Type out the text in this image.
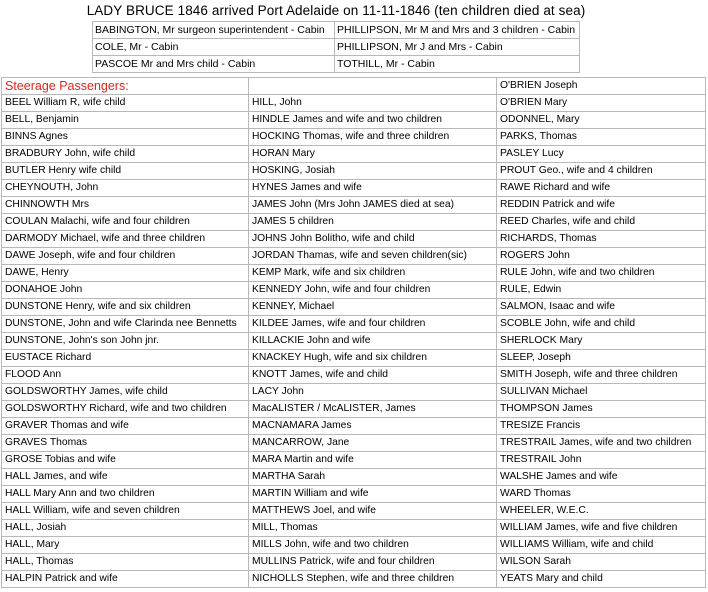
LADY BRUCE 1846 arrived Port Adelaide on 11-11-1846 (ten children died at sea)
BABINGTON, Mr surgeon superintendent - Cabin	PHILLIPSON, Mr M and Mrs and 3 children - Cabin
COLE, Mr - Cabin	PHILLIPSON, Mr J and Mrs - Cabin
PASCOE Mr and Mrs child - Cabin	TOTHILL, Mr - Cabin
Steerage Passengers:		O'BRIEN Joseph
BEEL William R, wife child	HILL, John	O'BRIEN Mary
BELL, Benjamin	HINDLE James and wife and two children	ODONNEL, Mary
BINNS Agnes	HOCKING Thomas, wife and three children	PARKS, Thomas
BRADBURY John, wife child	HORAN Mary	PASLEY Lucy
BUTLER Henry wife child	HOSKING, Josiah	PROUT Geo., wife and 4 children
CHEYNOUTH, John	HYNES James and wife	RAWE Richard and wife
CHINNOWTH Mrs	JAMES John (Mrs John JAMES died at sea)	REDDIN Patrick and wife
COULAN Malachi, wife and four children	JAMES 5 children	REED Charles, wife and child
DARMODY Michael, wife and three children	JOHNS John Bolitho, wife and child	RICHARDS, Thomas
DAWE Joseph, wife and four children	JORDAN Thamas, wife and seven children(sic)	ROGERS John
DAWE, Henry	KEMP Mark, wife and six children	RULE John, wife and two children
DONAHOE John	KENNEDY John, wife and four children	RULE, Edwin
DUNSTONE Henry, wife and six children	KENNEY, Michael	SALMON, Isaac and wife
DUNSTONE, John and wife Clarinda nee Bennetts	KILDEE James, wife and four children	SCOBLE John, wife and child
DUNSTONE, John's son John jnr.	KILLACKIE John and wife	SHERLOCK Mary
EUSTACE Richard	KNACKEY Hugh, wife and six children	SLEEP, Joseph
FLOOD Ann	KNOTT James, wife and child	SMITH Joseph, wife and three children
GOLDSWORTHY James, wife child	LACY John	SULLIVAN Michael
GOLDSWORTHY Richard, wife and two children	MacALISTER / McALISTER, James	THOMPSON James
GRAVER Thomas and wife	MACNAMARA James	TRESIZE Francis
GRAVES Thomas	MANCARROW, Jane	TRESTRAIL James, wife and two children
GROSE Tobias and wife	MARA Martin and wife	TRESTRAIL John
HALL James, and wife	MARTHA Sarah	WALSHE James and wife
HALL Mary Ann and two children	MARTIN William and wife	WARD Thomas
HALL William, wife and seven children	MATTHEWS Joel, and wife	WHEELER, W.E.C.
HALL, Josiah	MILL, Thomas	WILLIAM James, wife and five children
HALL, Mary	MILLS John, wife and two children	WILLIAMS William, wife and child
HALL, Thomas	MULLINS Patrick, wife and four children	WILSON Sarah
HALPIN Patrick and wife	NICHOLLS Stephen, wife and three children	YEATS Mary and child
